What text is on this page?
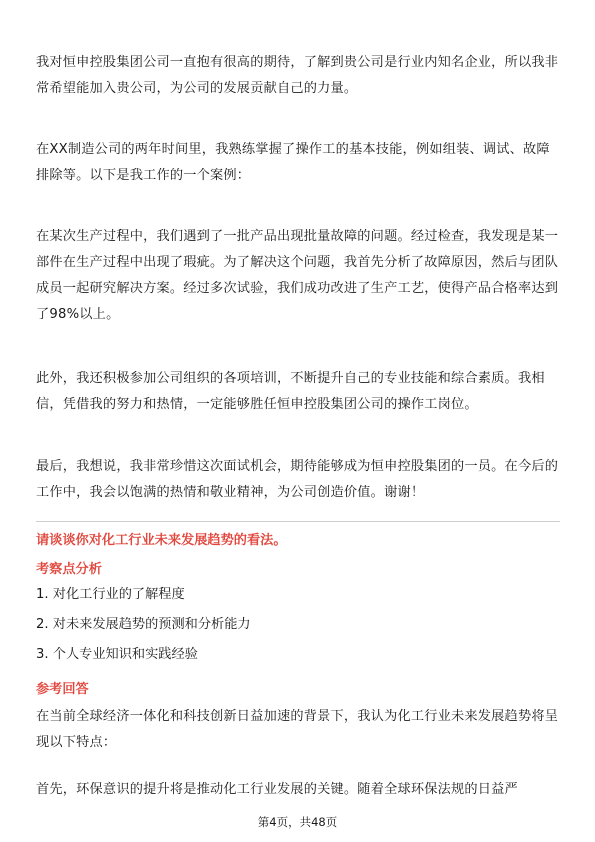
我对恒申控股集团公司一直抱有很高的期待，了解到贵公司是行业内知名企业，所以我非常希望能加入贵公司，为公司的发展贡献自己的力量。

在XX制造公司的两年时间里，我熟练掌握了操作工的基本技能，例如组装、调试、故障排除等。以下是我工作的一个案例：

在某次生产过程中，我们遇到了一批产品出现批量故障的问题。经过检查，我发现是某一部件在生产过程中出现了瑕疵。为了解决这个问题，我首先分析了故障原因，然后与团队成员一起研究解决方案。经过多次试验，我们成功改进了生产工艺，使得产品合格率达到了98%以上。

此外，我还积极参加公司组织的各项培训，不断提升自己的专业技能和综合素质。我相信，凭借我的努力和热情，一定能够胜任恒申控股集团公司的操作工岗位。

最后，我想说，我非常珍惜这次面试机会，期待能够成为恒申控股集团的一员。在今后的工作中，我会以饱满的热情和敬业精神，为公司创造价值。谢谢！

请谈谈你对化工行业未来发展趋势的看法。
考察点分析
1. 对化工行业的了解程度
2. 对未来发展趋势的预测和分析能力
3. 个人专业知识和实践经验
参考回答

在当前全球经济一体化和科技创新日益加速的背景下，我认为化工行业未来发展趋势将呈现以下特点：

首先，环保意识的提升将是推动化工行业发展的关键。随着全球环保法规的日益严

第4页，共48页
